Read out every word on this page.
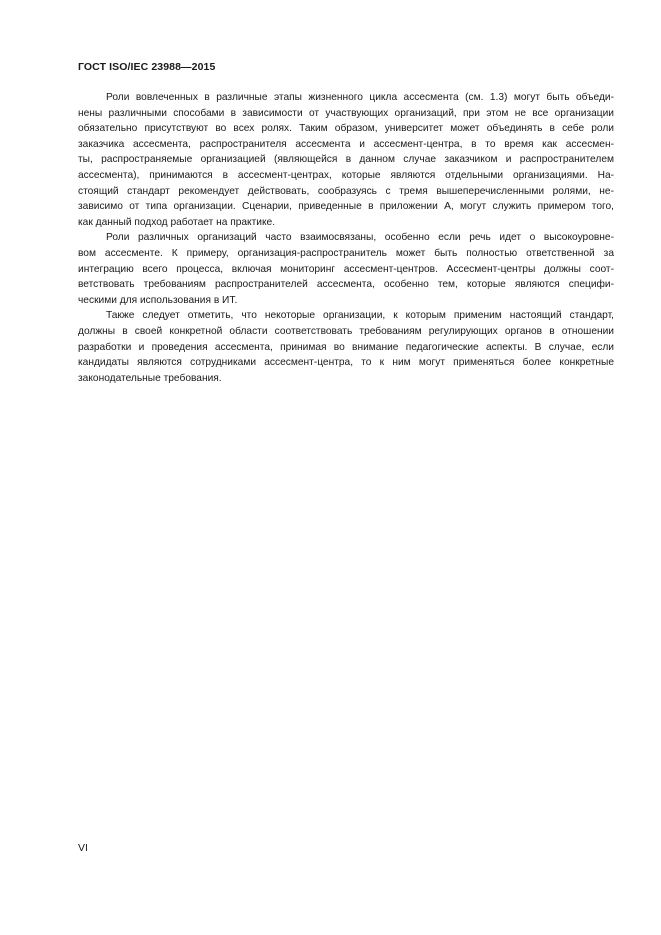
ГОСТ ISO/IEC 23988—2015
Роли вовлеченных в различные этапы жизненного цикла ассесмента (см. 1.3) могут быть объеди-
нены различными способами в зависимости от участвующих организаций, при этом не все организации
обязательно присутствуют во всех ролях. Таким образом, университет может объединять в себе роли
заказчика ассесмента, распространителя ассесмента и ассесмент-центра, в то время как ассесмен-
ты, распространяемые организацией (являющейся в данном случае заказчиком и распространителем
ассесмента), принимаются в ассесмент-центрах, которые являются отдельными организациями. На-
стоящий стандарт рекомендует действовать, сообразуясь с тремя вышеперечисленными ролями, не-
зависимо от типа организации. Сценарии, приведенные в приложении А, могут служить примером того,
как данный подход работает на практике.
Роли различных организаций часто взаимосвязаны, особенно если речь идет о высокоуровне-
вом ассесменте. К примеру, организация-распространитель может быть полностью ответственной за
интеграцию всего процесса, включая мониторинг ассесмент-центров. Ассесмент-центры должны соот-
ветствовать требованиям распространителей ассесмента, особенно тем, которые являются специфи-
ческими для использования в ИТ.
Также следует отметить, что некоторые организации, к которым применим настоящий стандарт,
должны в своей конкретной области соответствовать требованиям регулирующих органов в отношении
разработки и проведения ассесмента, принимая во внимание педагогические аспекты. В случае, если
кандидаты являются сотрудниками ассесмент-центра, то к ним могут применяться более конкретные
законодательные требования.
VI
